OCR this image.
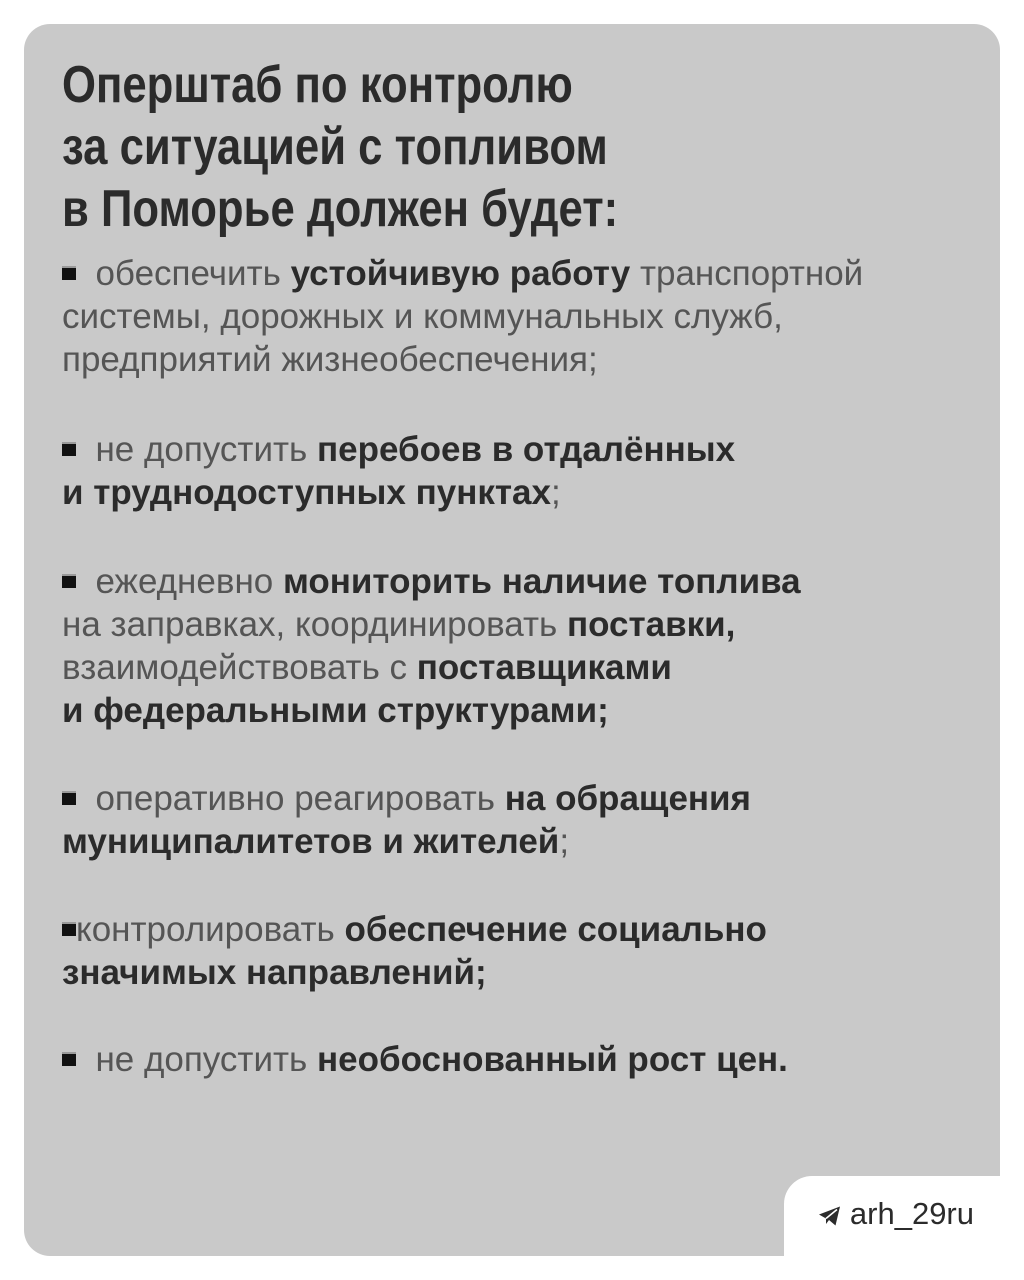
Оперштаб по контролю
за ситуацией с топливом
в Поморье должен будет:
обеспечить устойчивую работу транспортной
системы, дорожных и коммунальных служб,
предприятий жизнеобеспечения;
не допустить перебоев в отдалённых
и труднодоступных пунктах;
ежедневно мониторить наличие топлива
на заправках, координировать поставки,
взаимодействовать с поставщиками
и федеральными структурами;
оперативно реагировать на обращения
муниципалитетов и жителей;
контролировать обеспечение социально
значимых направлений;
не допустить необоснованный рост цен.
arh_29ru
